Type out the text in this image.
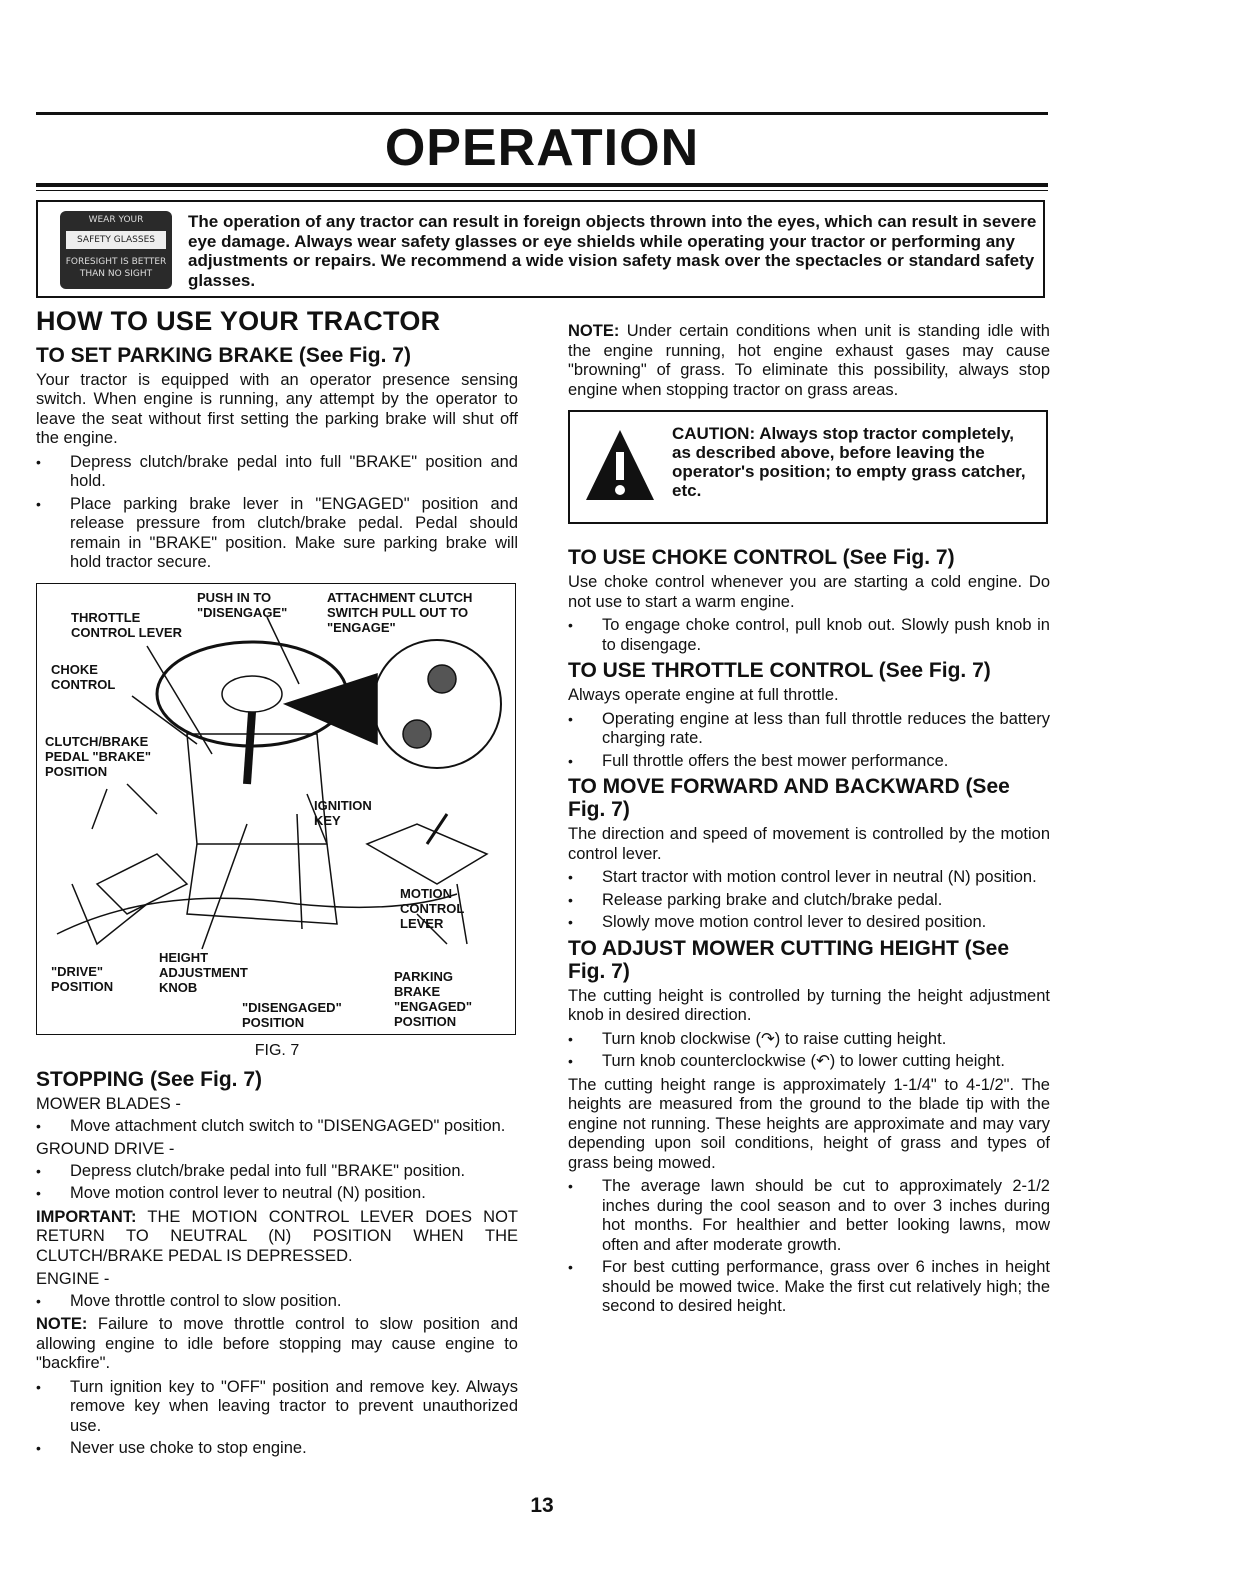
OPERATION
WEAR YOUR
SAFETY GLASSES
FORESIGHT IS BETTER
THAN NO SIGHT
The operation of any tractor can result in foreign objects thrown into the eyes, which can result in severe eye damage. Always wear safety glasses or eye shields while operating your tractor or performing any adjustments or repairs. We recommend a wide vision safety mask over the spectacles or standard safety glasses.
HOW TO USE YOUR TRACTOR
TO SET PARKING BRAKE (See Fig. 7)

Your tractor is equipped with an operator presence sensing switch. When engine is running, any attempt by the operator to leave the seat without first setting the parking brake will shut off the engine.

• Depress clutch/brake pedal into full "BRAKE" position and hold.
• Place parking brake lever in "ENGAGED" position and release pressure from clutch/brake pedal. Pedal should remain in "BRAKE" position. Make sure parking brake will hold tractor secure.
PUSH IN TO
"DISENGAGE"
ATTACHMENT CLUTCH
SWITCH PULL OUT TO
"ENGAGE"
THROTTLE
CONTROL LEVER
CHOKE
CONTROL
CLUTCH/BRAKE
PEDAL "BRAKE"
POSITION
IGNITION
KEY
MOTION
CONTROL
LEVER
HEIGHT
ADJUSTMENT
KNOB
"DRIVE"
POSITION
PARKING
BRAKE
"ENGAGED"
POSITION
"DISENGAGED"
POSITION
FIG. 7
STOPPING (See Fig. 7)
MOWER BLADES -
• Move attachment clutch switch to "DISENGAGED" position.
GROUND DRIVE -
• Depress clutch/brake pedal into full "BRAKE" position.
• Move motion control lever to neutral (N) position.

IMPORTANT: THE MOTION CONTROL LEVER DOES NOT RETURN TO NEUTRAL (N) POSITION WHEN THE CLUTCH/BRAKE PEDAL IS DEPRESSED.

ENGINE -
• Move throttle control to slow position.

NOTE: Failure to move throttle control to slow position and allowing engine to idle before stopping may cause engine to "backfire".

• Turn ignition key to "OFF" position and remove key. Always remove key when leaving tractor to prevent unauthorized use.
• Never use choke to stop engine.

NOTE: Under certain conditions when unit is standing idle with the engine running, hot engine exhaust gases may cause "browning" of grass. To eliminate this possibility, always stop engine when stopping tractor on grass areas.

CAUTION: Always stop tractor completely, as described above, before leaving the operator's position; to empty grass catcher, etc.
TO USE CHOKE CONTROL (See Fig. 7)

Use choke control whenever you are starting a cold engine. Do not use to start a warm engine.

• To engage choke control, pull knob out. Slowly push knob in to disengage.
TO USE THROTTLE CONTROL (See Fig. 7)

Always operate engine at full throttle.

• Operating engine at less than full throttle reduces the battery charging rate.
• Full throttle offers the best mower performance.
TO MOVE FORWARD AND BACKWARD (See Fig. 7)

The direction and speed of movement is controlled by the motion control lever.

• Start tractor with motion control lever in neutral (N) position.
• Release parking brake and clutch/brake pedal.
• Slowly move motion control lever to desired position.
TO ADJUST MOWER CUTTING HEIGHT (See Fig. 7)

The cutting height is controlled by turning the height adjustment knob in desired direction.

• Turn knob clockwise (↷) to raise cutting height.
• Turn knob counterclockwise (↶) to lower cutting height.

The cutting height range is approximately 1-1/4" to 4-1/2". The heights are measured from the ground to the blade tip with the engine not running. These heights are approximate and may vary depending upon soil conditions, height of grass and types of grass being mowed.

• The average lawn should be cut to approximately 2-1/2 inches during the cool season and to over 3 inches during hot months. For healthier and better looking lawns, mow often and after moderate growth.
• For best cutting performance, grass over 6 inches in height should be mowed twice. Make the first cut relatively high; the second to desired height.
13
